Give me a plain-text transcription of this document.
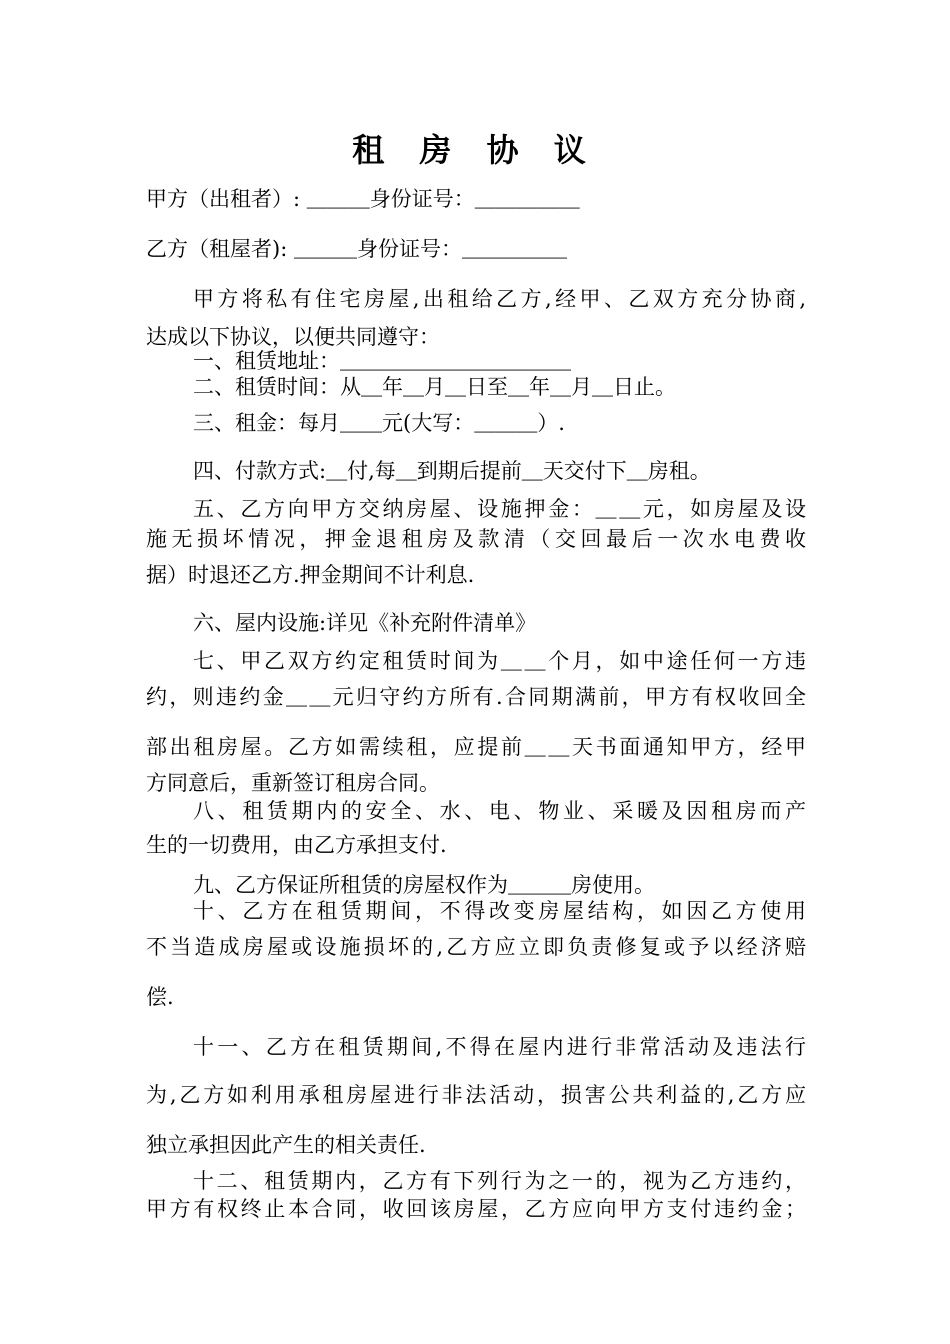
租 房 协 议
甲方（出租者）: ＿＿＿身份证号：＿＿＿＿＿
乙方（租屋者): ＿＿＿身份证号：＿＿＿＿＿
甲方将私有住宅房屋,出租给乙方,经甲、乙双方充分协商,
达成以下协议，以便共同遵守：
一、租赁地址：＿＿＿＿＿＿＿＿＿＿＿
二、租赁时间：从＿年＿月＿日至＿年＿月＿日止。
三、租金：每月＿＿元(大写：＿＿＿）.
四、付款方式:＿付,每＿到期后提前＿天交付下＿房租。
五、乙方向甲方交纳房屋、设施押金：＿＿元，如房屋及设
施无损坏情况，押金退租房及款清（交回最后一次水电费收
据）时退还乙方.押金期间不计利息.
六、屋内设施:详见《补充附件清单》
七、甲乙双方约定租赁时间为＿＿个月，如中途任何一方违
约，则违约金＿＿元归守约方所有.合同期满前，甲方有权收回全
部出租房屋。乙方如需续租，应提前＿＿天书面通知甲方，经甲
方同意后，重新签订租房合同。
八、租赁期内的安全、水、电、物业、采暖及因租房而产
生的一切费用，由乙方承担支付.
九、乙方保证所租赁的房屋权作为＿＿＿房使用。
十、乙方在租赁期间，不得改变房屋结构，如因乙方使用
不当造成房屋或设施损坏的,乙方应立即负责修复或予以经济赔
偿.
十一、乙方在租赁期间,不得在屋内进行非常活动及违法行
为,乙方如利用承租房屋进行非法活动，损害公共利益的,乙方应
独立承担因此产生的相关责任.
十二、租赁期内，乙方有下列行为之一的，视为乙方违约，
甲方有权终止本合同，收回该房屋，乙方应向甲方支付违约金；
